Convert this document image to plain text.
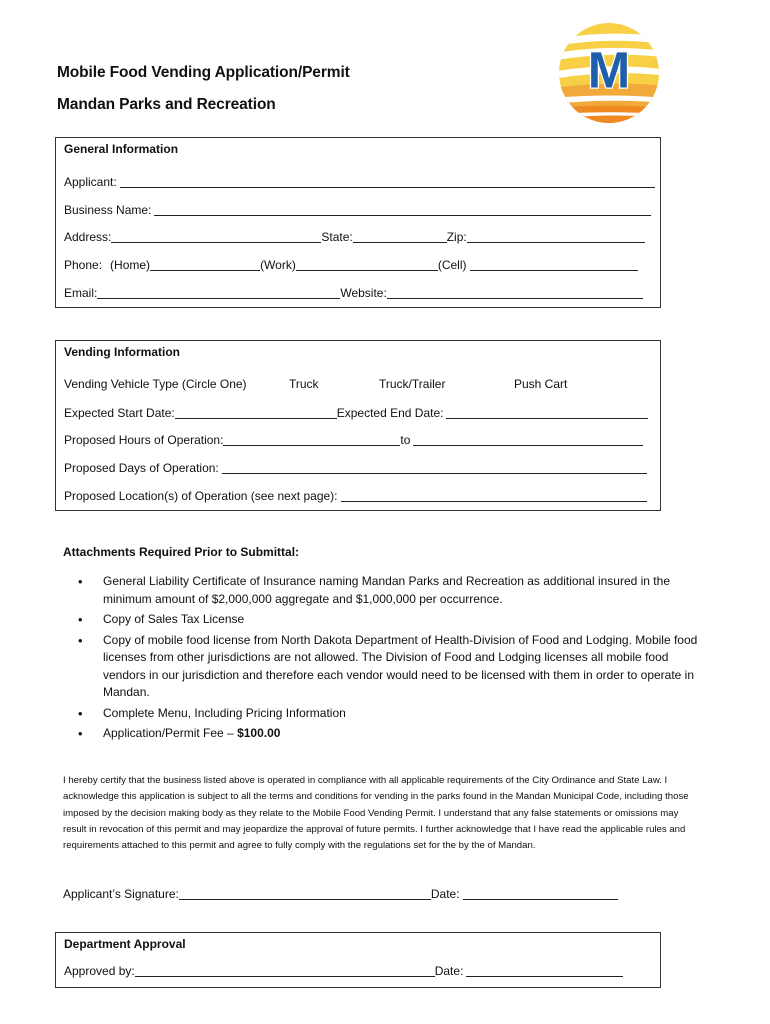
Mobile Food Vending Application/Permit
Mandan Parks and Recreation
M
General Information
Applicant:
Business Name:
Address:	State:	Zip:
Phone: (Home)	(Work)	(Cell)
Email:	Website:
Vending Information
Vending Vehicle Type (Circle One)	Truck	Truck/Trailer	Push Cart
Expected Start Date:	Expected End Date:
Proposed Hours of Operation:	to
Proposed Days of Operation:
Proposed Location(s) of Operation (see next page):
Attachments Required Prior to Submittal:
• General Liability Certificate of Insurance naming Mandan Parks and Recreation as additional insured in the minimum amount of $2,000,000 aggregate and $1,000,000 per occurrence.
• Copy of Sales Tax License
• Copy of mobile food license from North Dakota Department of Health-Division of Food and Lodging. Mobile food licenses from other jurisdictions are not allowed. The Division of Food and Lodging licenses all mobile food vendors in our jurisdiction and therefore each vendor would need to be licensed with them in order to operate in Mandan.
• Complete Menu, Including Pricing Information
• Application/Permit Fee – $100.00
I hereby certify that the business listed above is operated in compliance with all applicable requirements of the City Ordinance and State Law. I acknowledge this application is subject to all the terms and conditions for vending in the parks found in the Mandan Municipal Code, including those imposed by the decision making body as they relate to the Mobile Food Vending Permit. I understand that any false statements or omissions may result in revocation of this permit and may jeopardize the approval of future permits. I further acknowledge that I have read the applicable rules and requirements attached to this permit and agree to fully comply with the regulations set for the by the of Mandan.
Applicant’s Signature:	Date:
Department Approval
Approved by:	Date:
